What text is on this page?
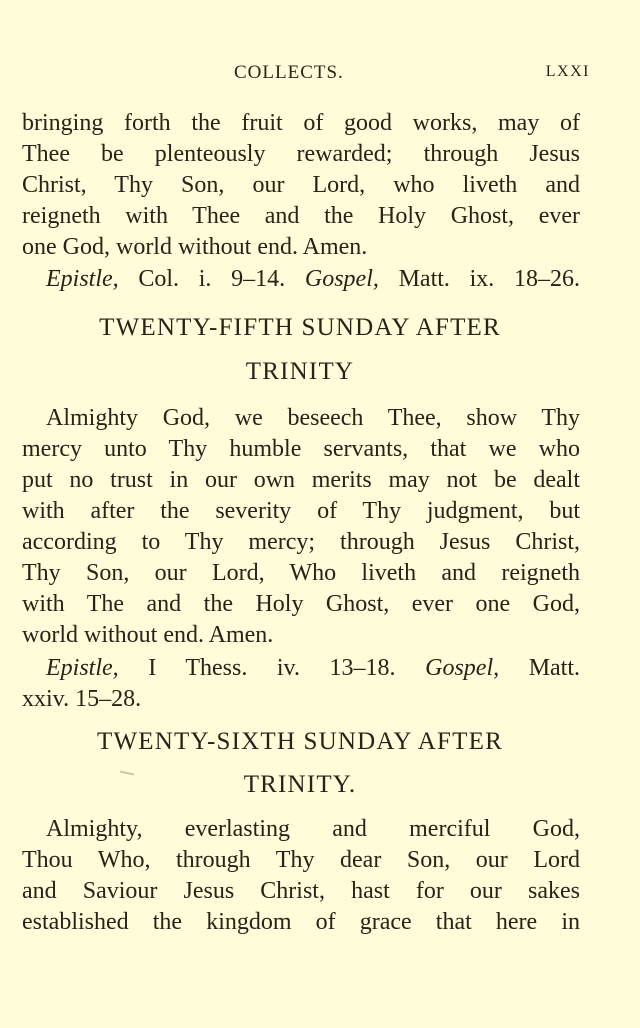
COLLECTS.	LXXI
bringing forth the fruit of good works, may of
Thee be plenteously rewarded; through Jesus
Christ, Thy Son, our Lord, who liveth and
reigneth with Thee and the Holy Ghost, ever
one God, world without end. Amen.
Epistle, Col. i. 9–14. Gospel, Matt. ix. 18–26.
TWENTY-FIFTH SUNDAY AFTER
TRINITY
Almighty God, we beseech Thee, show Thy
mercy unto Thy humble servants, that we who
put no trust in our own merits may not be dealt
with after the severity of Thy judgment, but
according to Thy mercy; through Jesus Christ,
Thy Son, our Lord, Who liveth and reigneth
with The and the Holy Ghost, ever one God,
world without end. Amen.
Epistle, I Thess. iv. 13–18. Gospel, Matt.
xxiv. 15–28.
TWENTY-SIXTH SUNDAY AFTER
TRINITY.
Almighty, everlasting and merciful God,
Thou Who, through Thy dear Son, our Lord
and Saviour Jesus Christ, hast for our sakes
established the kingdom of grace that here in
